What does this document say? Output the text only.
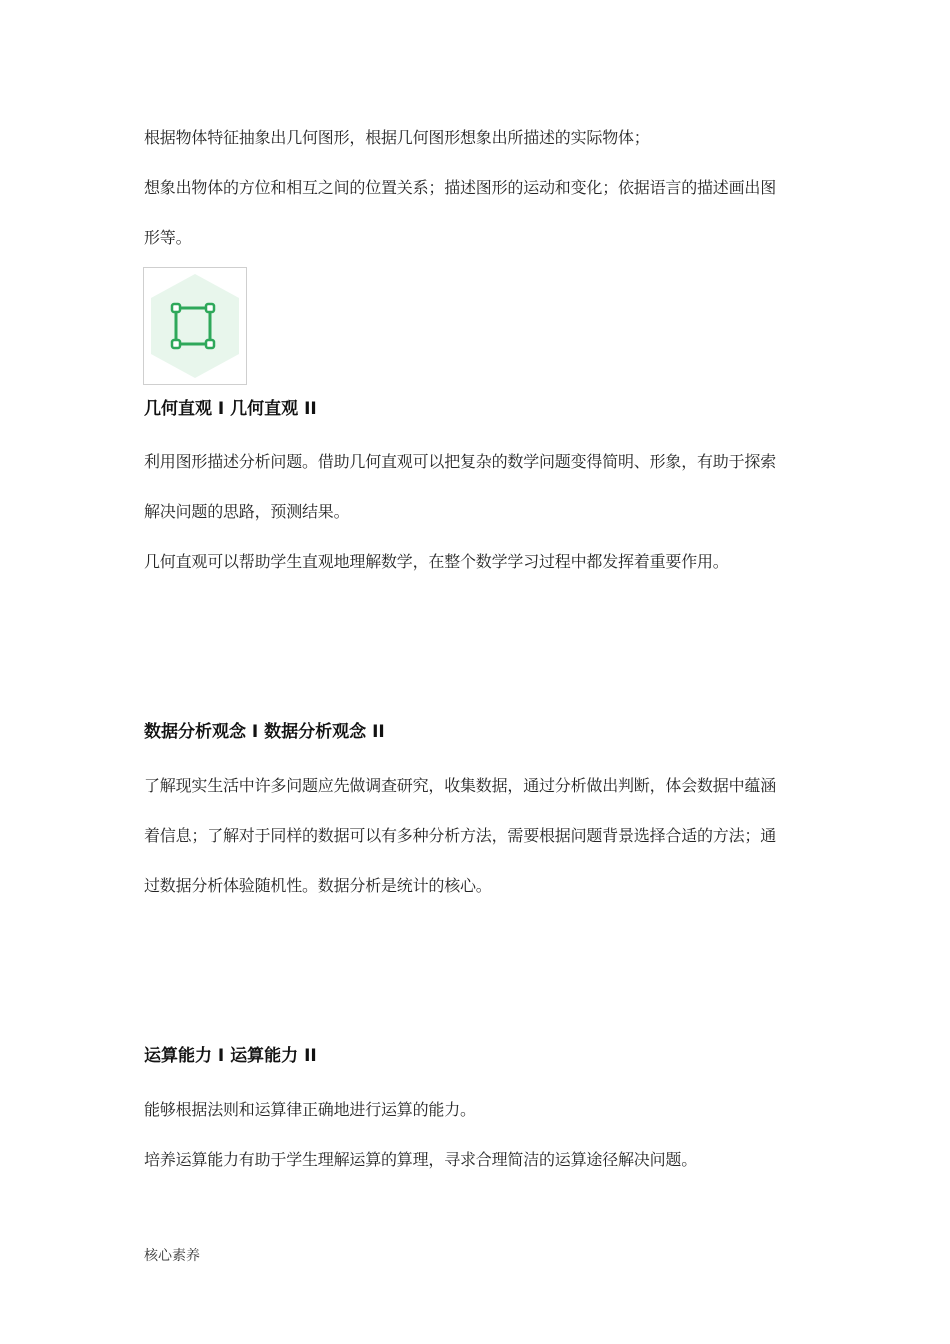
根据物体特征抽象出几何图形，根据几何图形想象出所描述的实际物体；
想象出物体的方位和相互之间的位置关系；描述图形的运动和变化；依据语言的描述画出图
形等。
几何直观 I 几何直观 II
利用图形描述分析问题。借助几何直观可以把复杂的数学问题变得简明、形象，有助于探索
解决问题的思路，预测结果。
几何直观可以帮助学生直观地理解数学，在整个数学学习过程中都发挥着重要作用。
数据分析观念 I 数据分析观念 II
了解现实生活中许多问题应先做调查研究，收集数据，通过分析做出判断，体会数据中蕴涵
着信息；了解对于同样的数据可以有多种分析方法，需要根据问题背景选择合适的方法；通
过数据分析体验随机性。数据分析是统计的核心。
运算能力 I 运算能力 II
能够根据法则和运算律正确地进行运算的能力。
培养运算能力有助于学生理解运算的算理，寻求合理简洁的运算途径解决问题。
核心素养
